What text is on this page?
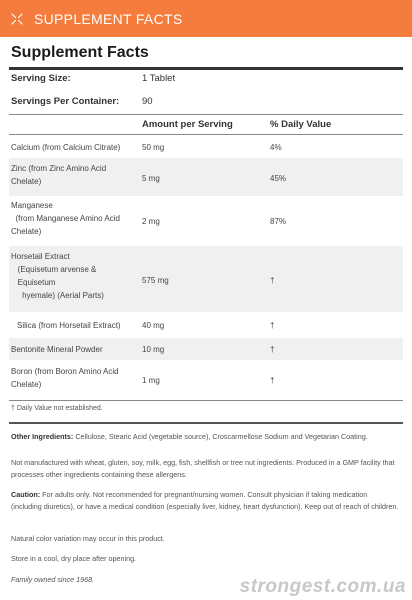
SUPPLEMENT FACTS
Supplement Facts
Serving Size:	1 Tablet
Servings Per Container: 90
Amount per Serving	% Daily Value
Calcium (from Calcium Citrate)	50 mg	4%
Zinc (from Zinc Amino Acid
Chelate)	5 mg	45%
Manganese
(from Manganese Amino Acid
Chelate)
2 mg	87%
Horsetail Extract
(Equisetum arvense &
Equisetum
hyemale) (Aerial Parts)
575 mg	†
Silica (from Horsetail Extract)	40 mg	†
Bentonite Mineral Powder	10 mg	†
Boron (from Boron Amino Acid
Chelate)	1 mg	†
† Daily Value not established.
Other Ingredients: Cellulose, Stearic Acid (vegetable source), Croscarmellose Sodium and Vegetarian Coating.
Not manufactured with wheat, gluten, soy, milk, egg, fish, shellfish or tree nut ingredients. Produced in a GMP facility that processes other ingredients containing these allergens.
Caution: For adults only. Not recommended for pregnant/nursing women. Consult physician if taking medication (including diuretics), or have a medical condition (especially liver, kidney, heart dysfunction). Keep out of reach of children.
Natural color variation may occur in this product.
Store in a cool, dry place after opening.
Family owned since 1968.	strongest.com.ua
